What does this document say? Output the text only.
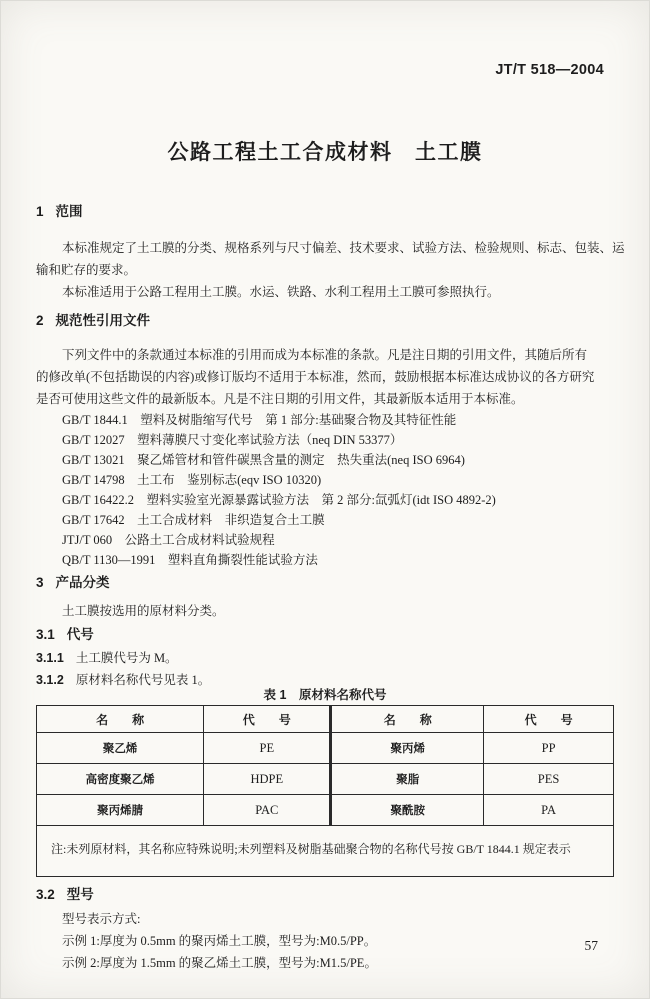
JT/T 518—2004
公路工程土工合成材料　土工膜
1 范围
本标准规定了土工膜的分类、规格系列与尺寸偏差、技术要求、试验方法、检验规则、标志、包装、运
输和贮存的要求。
本标准适用于公路工程用土工膜。水运、铁路、水利工程用土工膜可参照执行。
2 规范性引用文件
下列文件中的条款通过本标准的引用而成为本标准的条款。凡是注日期的引用文件，其随后所有
的修改单(不包括勘误的内容)或修订版均不适用于本标准，然而，鼓励根据本标准达成协议的各方研究
是否可使用这些文件的最新版本。凡是不注日期的引用文件，其最新版本适用于本标准。
GB/T 1844.1　塑料及树脂缩写代号　第 1 部分:基础聚合物及其特征性能
GB/T 12027　塑料薄膜尺寸变化率试验方法（neq DIN 53377）
GB/T 13021　聚乙烯管材和管件碳黑含量的测定　热失重法(neq ISO 6964)
GB/T 14798　土工布　鉴别标志(eqv ISO 10320)
GB/T 16422.2　塑料实验室光源暴露试验方法　第 2 部分:氙弧灯(idt ISO 4892-2)
GB/T 17642　土工合成材料　非织造复合土工膜
JTJ/T 060　公路土工合成材料试验规程
QB/T 1130—1991　塑料直角撕裂性能试验方法
3 产品分类
土工膜按选用的原材料分类。
3.1 代号
3.1.1 土工膜代号为 M。
3.1.2 原材料名称代号见表 1。
表 1　原材料名称代号
名　　称	代　　号	名　　称	代　　号
聚乙烯	PE	聚丙烯	PP
高密度聚乙烯	HDPE	聚脂	PES
聚丙烯腈	PAC	聚酰胺	PA
注:未列原材料，其名称应特殊说明;未列塑料及树脂基础聚合物的名称代号按 GB/T 1844.1 规定表示			
3.2 型号
型号表示方式:
示例 1:厚度为 0.5mm 的聚丙烯土工膜，型号为:M0.5/PP。
示例 2:厚度为 1.5mm 的聚乙烯土工膜，型号为:M1.5/PE。
57
